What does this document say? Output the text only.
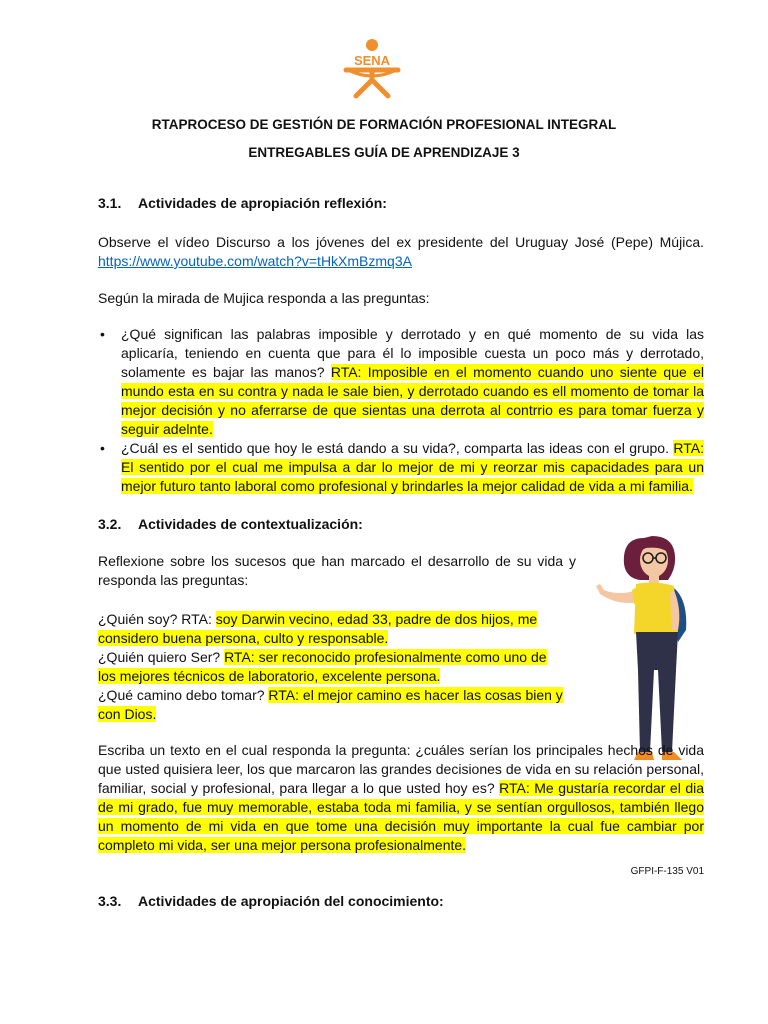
SENA
RTAPROCESO DE GESTIÓN DE FORMACIÓN PROFESIONAL INTEGRAL
ENTREGABLES GUÍA DE APRENDIZAJE 3
3.1. Actividades de apropiación reflexión:
Observe el vídeo Discurso a los jóvenes del ex presidente del Uruguay José (Pepe) Mújica.
https://www.youtube.com/watch?v=tHkXmBzmq3A
Según la mirada de Mujica responda a las preguntas:
• ¿Qué significan las palabras imposible y derrotado y en qué momento de su vida las aplicaría, teniendo en cuenta que para él lo imposible cuesta un poco más y derrotado, solamente es bajar las manos? RTA: Imposible en el momento cuando uno siente que el mundo esta en su contra y nada le sale bien, y derrotado cuando es ell momento de tomar la mejor decisión y no aferrarse de que sientas una derrota al contrrio es para tomar fuerza y seguir adelnte.
• ¿Cuál es el sentido que hoy le está dando a su vida?, comparta las ideas con el grupo. RTA: El sentido por el cual me impulsa a dar lo mejor de mi y reorzar mis capacidades para un mejor futuro tanto laboral como profesional y brindarles la mejor calidad de vida a mi familia.
3.2. Actividades de contextualización:
Reflexione sobre los sucesos que han marcado el desarrollo de su vida y responda las preguntas:
¿Quién soy? RTA: soy Darwin vecino, edad 33, padre de dos hijos, me considero buena persona, culto y responsable.
¿Quién quiero Ser? RTA: ser reconocido profesionalmente como uno de los mejores técnicos de laboratorio, excelente persona.
¿Qué camino debo tomar? RTA: el mejor camino es hacer las cosas bien y con Dios.
Escriba un texto en el cual responda la pregunta: ¿cuáles serían los principales hechos de vida que usted quisiera leer, los que marcaron las grandes decisiones de vida en su relación personal, familiar, social y profesional, para llegar a lo que usted hoy es? RTA: Me gustaría recordar el dia de mi grado, fue muy memorable, estaba toda mi familia, y se sentían orgullosos, también llego un momento de mi vida en que tome una decisión muy importante la cual fue cambiar por completo mi vida, ser una mejor persona profesionalmente.
GFPI-F-135 V01
3.3. Actividades de apropiación del conocimiento:
